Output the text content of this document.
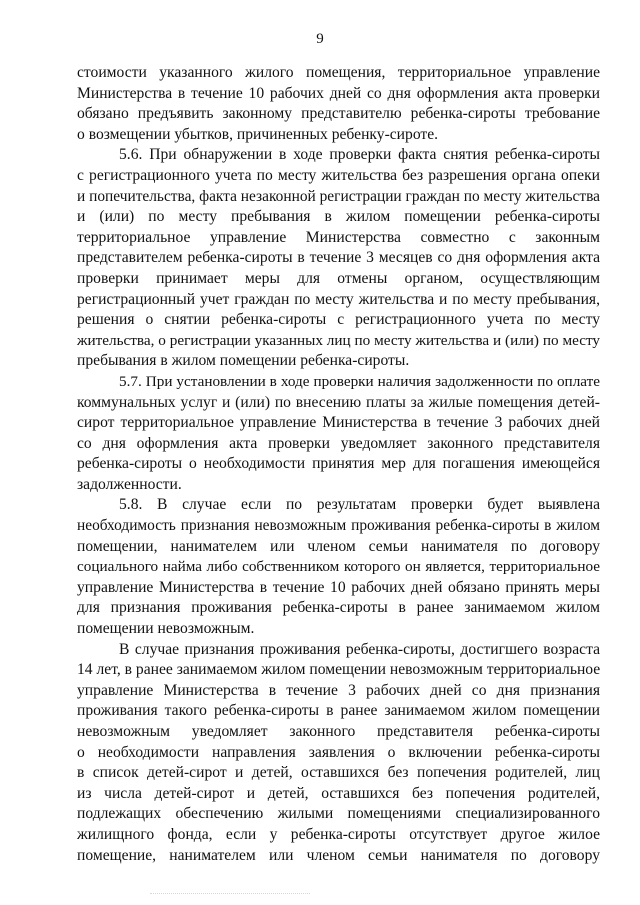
9
стоимости указанного жилого помещения, территориальное управление
Министерства в течение 10 рабочих дней со дня оформления акта проверки
обязано предъявить законному представителю ребенка-сироты требование
о возмещении убытков, причиненных ребенку-сироте.
5.6. При обнаружении в ходе проверки факта снятия ребенка-сироты
с регистрационного учета по месту жительства без разрешения органа опеки
и попечительства, факта незаконной регистрации граждан по месту жительства
и (или) по месту пребывания в жилом помещении ребенка-сироты
территориальное управление Министерства совместно с законным
представителем ребенка-сироты в течение 3 месяцев со дня оформления акта
проверки принимает меры для отмены органом, осуществляющим
регистрационный учет граждан по месту жительства и по месту пребывания,
решения о снятии ребенка-сироты с регистрационного учета по месту
жительства, о регистрации указанных лиц по месту жительства и (или) по месту
пребывания в жилом помещении ребенка-сироты.
5.7. При установлении в ходе проверки наличия задолженности по оплате
коммунальных услуг и (или) по внесению платы за жилые помещения детей-
сирот территориальное управление Министерства в течение 3 рабочих дней
со дня оформления акта проверки уведомляет законного представителя
ребенка-сироты о необходимости принятия мер для погашения имеющейся
задолженности.
5.8. В случае если по результатам проверки будет выявлена
необходимость признания невозможным проживания ребенка-сироты в жилом
помещении, нанимателем или членом семьи нанимателя по договору
социального найма либо собственником которого он является, территориальное
управление Министерства в течение 10 рабочих дней обязано принять меры
для признания проживания ребенка-сироты в ранее занимаемом жилом
помещении невозможным.
В случае признания проживания ребенка-сироты, достигшего возраста
14 лет, в ранее занимаемом жилом помещении невозможным территориальное
управление Министерства в течение 3 рабочих дней со дня признания
проживания такого ребенка-сироты в ранее занимаемом жилом помещении
невозможным уведомляет законного представителя ребенка-сироты
о необходимости направления заявления о включении ребенка-сироты
в список детей-сирот и детей, оставшихся без попечения родителей, лиц
из числа детей-сирот и детей, оставшихся без попечения родителей,
подлежащих обеспечению жилыми помещениями специализированного
жилищного фонда, если у ребенка-сироты отсутствует другое жилое
помещение, нанимателем или членом семьи нанимателя по договору
